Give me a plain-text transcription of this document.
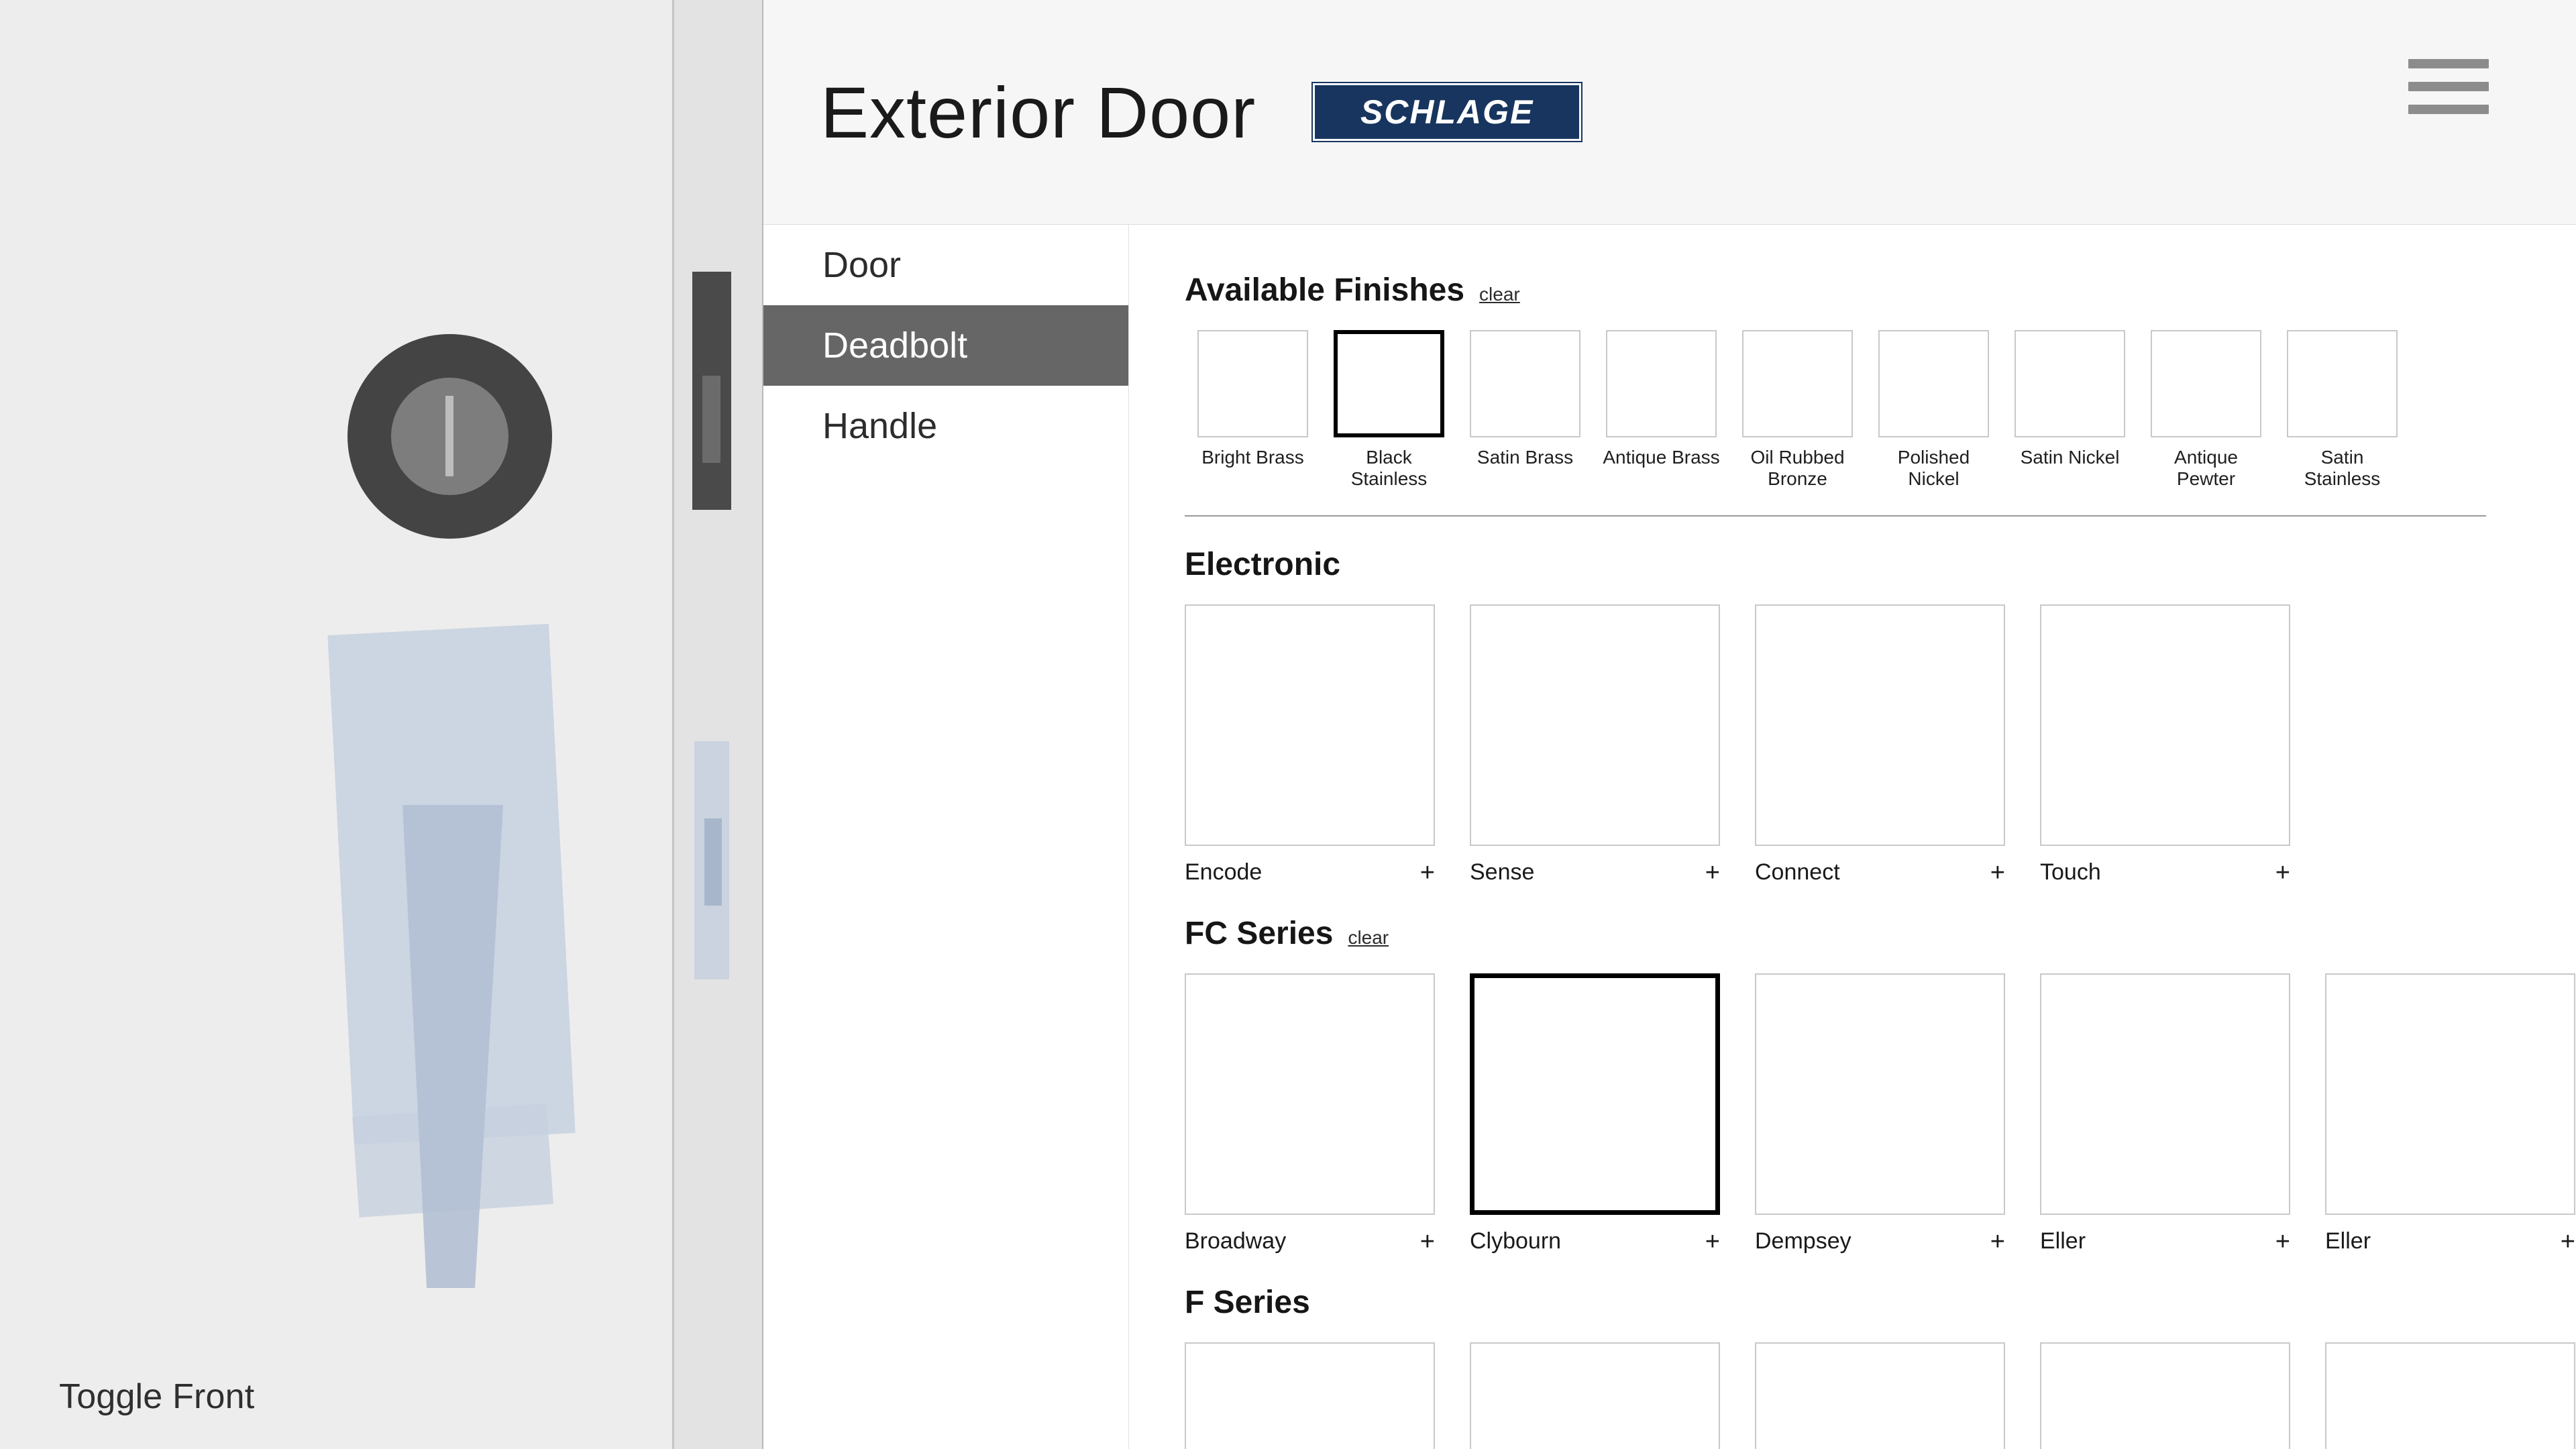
Toggle Front
Exterior Door	SCHLAGE
Door
Deadbolt
Handle
Available Finishes clear
Bright Brass	Black Stainless
Satin Brass	Antique Brass	Oil Rubbed Bronze
Polished Nickel
Satin Nickel	Antique Pewter
Satin Stainless
Electronic
Encode	+ Sense	+ Connect	+ Touch	+
FC Series clear
Broadway	+ Clybourn	+ Dempsey	+ Eller	+ Eller	+
F Series
